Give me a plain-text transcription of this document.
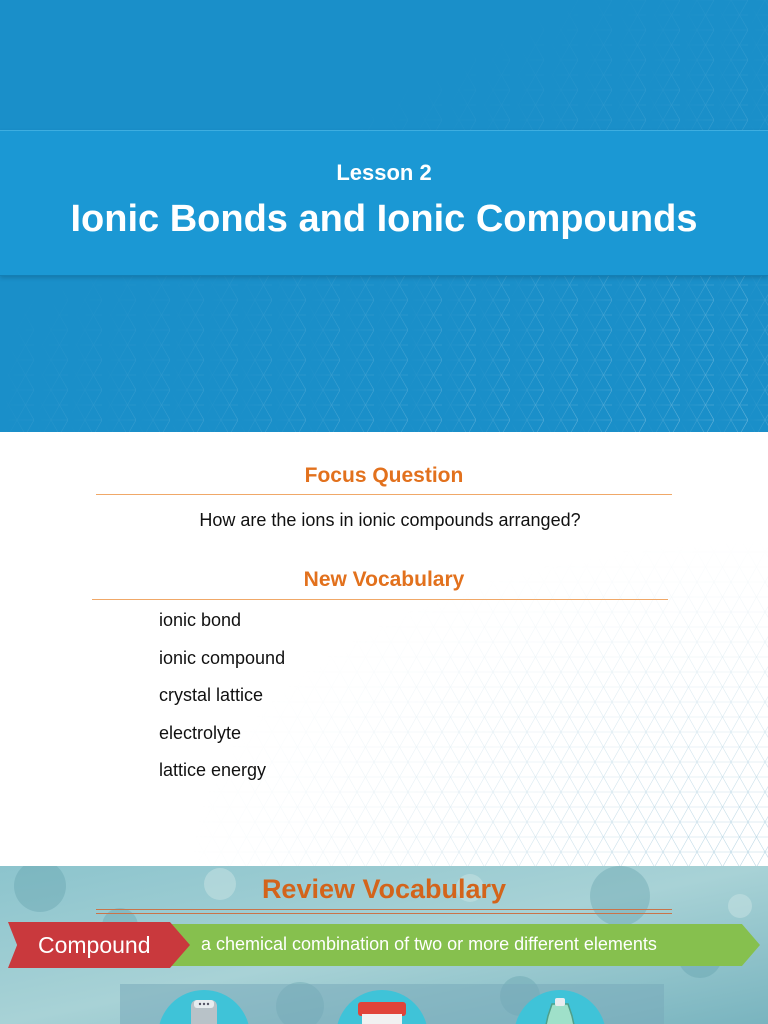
Lesson 2
Ionic Bonds and Ionic Compounds
Focus Question
How are the ions in ionic compounds arranged?
New Vocabulary
ionic bond
ionic compound
crystal lattice
electrolyte
lattice energy
Review Vocabulary
Compound	a chemical combination of two or more different elements
